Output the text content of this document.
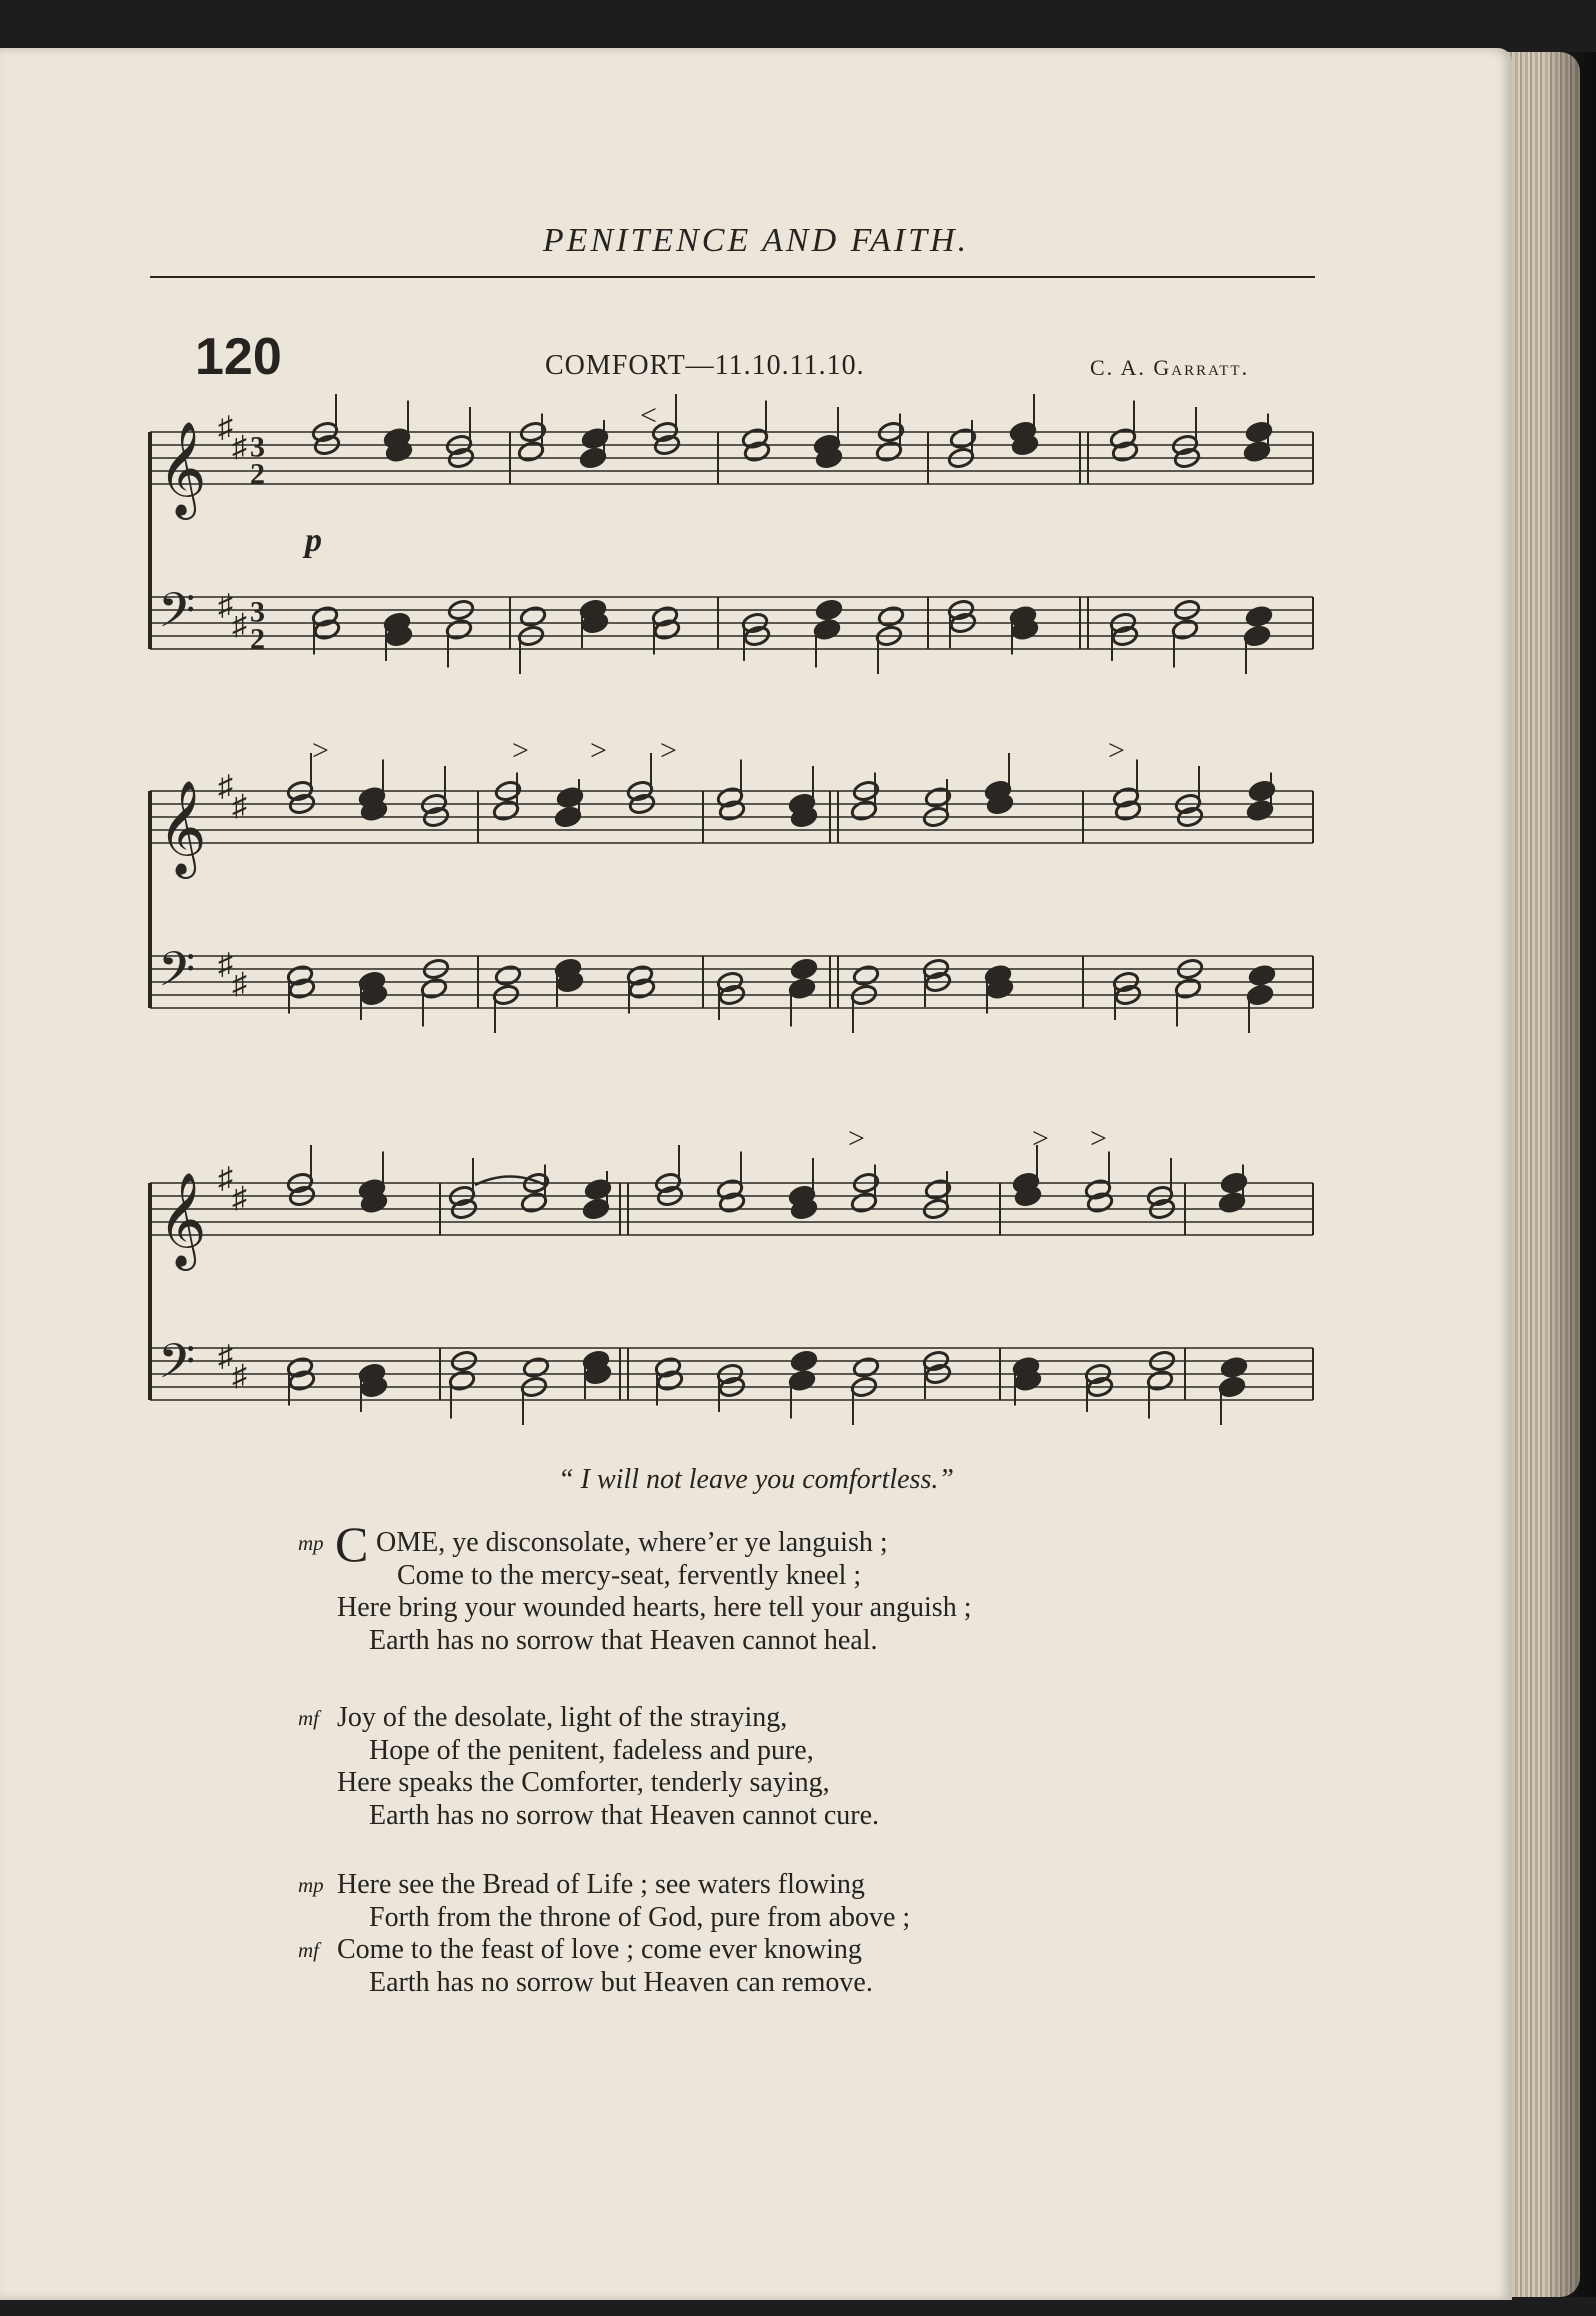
PENITENCE AND FAITH.
120	COMFORT—11.10.11.10.	C. A. Garratt.
𝄞
𝄢
♯
♯ 3
2
♯
♯ 3
2
𝄞
𝄢
♯
♯
♯
♯
𝄞
𝄢
♯
♯
♯
♯
>	> > >	>
>	> >
<
p
“ I will not leave you comfortless.”
mp C OME, ye disconsolate, where’er ye languish ;
Come to the mercy-seat, fervently kneel ;
Here bring your wounded hearts, here tell your anguish ;
Earth has no sorrow that Heaven cannot heal.
mf Joy of the desolate, light of the straying,
Hope of the penitent, fadeless and pure,
Here speaks the Comforter, tenderly saying,
Earth has no sorrow that Heaven cannot cure.
mp Here see the Bread of Life ; see waters flowing
Forth from the throne of God, pure from above ;
mf Come to the feast of love ; come ever knowing
Earth has no sorrow but Heaven can remove.
